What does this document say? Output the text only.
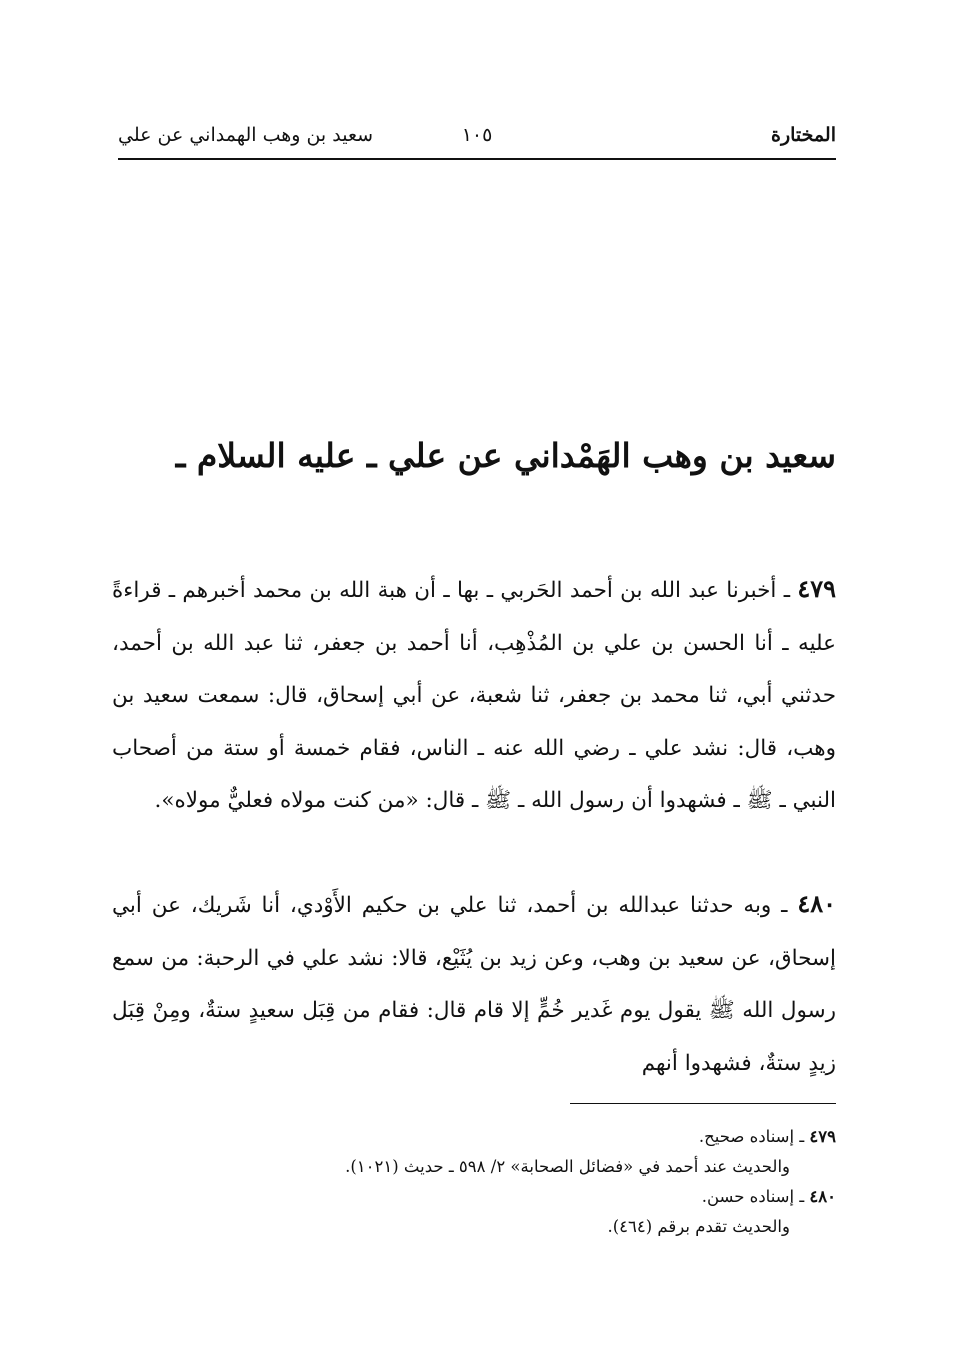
المختارة
١٠٥
سعيد بن وهب الهمداني عن علي
سعيد بن وهب الهَمْداني عن علي ـ عليه السلام ـ
٤٧٩ ـ أخبرنا عبد الله بن أحمد الحَربي ـ بها ـ أن هبة الله بن محمد أخبرهم ـ قراءةً عليه ـ أنا الحسن بن علي بن المُذْهِب، أنا أحمد بن جعفر، ثنا عبد الله بن أحمد، حدثني أبي، ثنا محمد بن جعفر، ثنا شعبة، عن أبي إسحاق، قال: سمعت سعيد بن وهب، قال: نشد علي ـ رضي الله عنه ـ الناس، فقام خمسة أو ستة من أصحاب النبي ـ ﷺ ـ فشهدوا أن رسول الله ـ ﷺ ـ قال: «من كنت مولاه فعليٌّ مولاه».
٤٨٠ ـ وبه حدثنا عبدالله بن أحمد، ثنا علي بن حكيم الأَوْدي، أنا شَريك، عن أبي إسحاق، عن سعيد بن وهب، وعن زيد بن يُثَيْع، قالا: نشد علي في الرحبة: من سمع رسول الله ﷺ يقول يوم غَدير خُمٍّ إلا قام قال: فقام من قِبَل سعيدٍ ستةٌ، ومِنْ قِبَل زيدٍ ستةٌ، فشهدوا أنهم
٤٧٩ ـ إسناده صحيح.
والحديث عند أحمد في «فضائل الصحابة» ٢/ ٥٩٨ ـ حديث (١٠٢١).
٤٨٠ ـ إسناده حسن.
والحديث تقدم برقم (٤٦٤).
